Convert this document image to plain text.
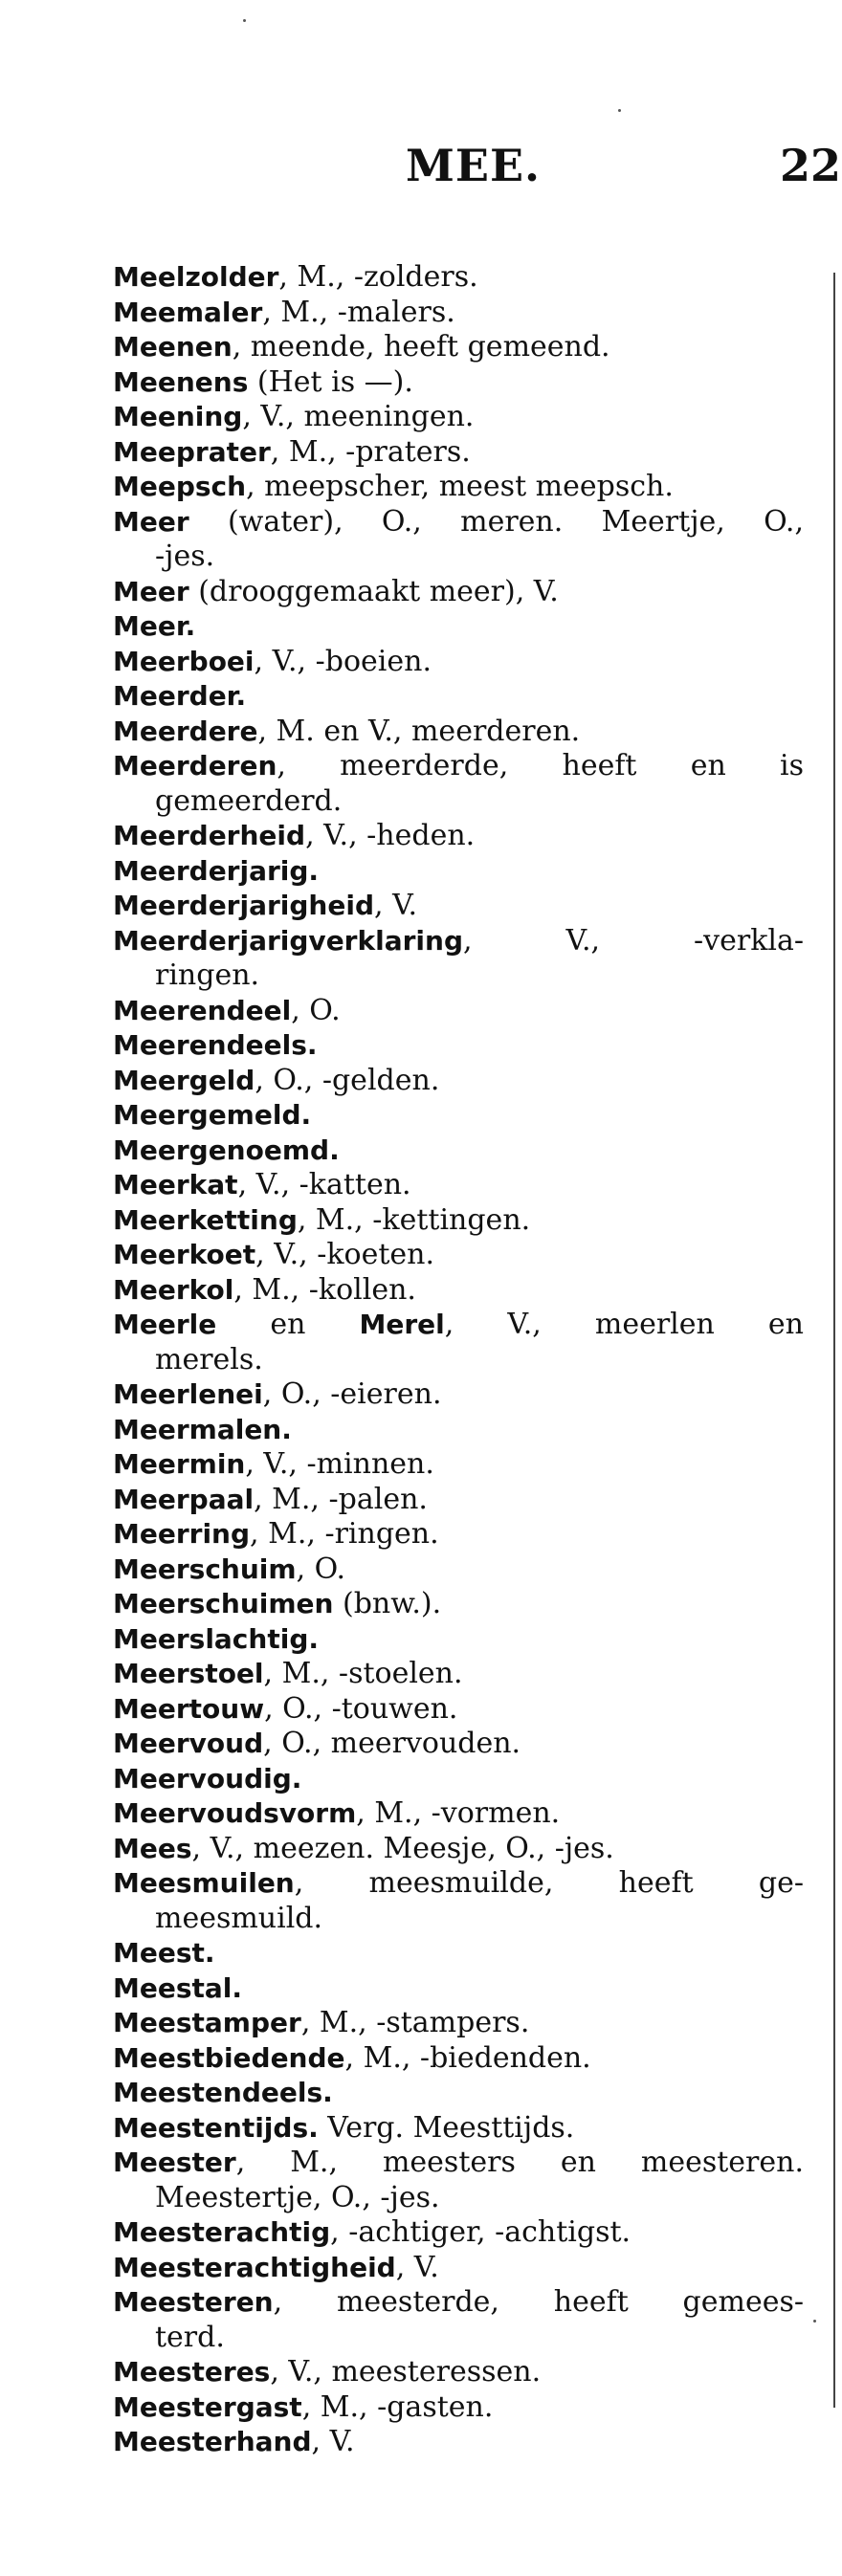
MEE.	22
Meelzolder, M., -zolders.
Meemaler, M., -malers.
Meenen, meende, heeft gemeend.
Meenens (Het is —).
Meening, V., meeningen.
Meeprater, M., -praters.
Meepsch, meepscher, meest meepsch.
Meer (water), O., meren. Meertje, O.,
-jes.
Meer (drooggemaakt meer), V.
Meer.
Meerboei, V., -boeien.
Meerder.
Meerdere, M. en V., meerderen.
Meerderen, meerderde, heeft en is
gemeerderd.
Meerderheid, V., -heden.
Meerderjarig.
Meerderjarigheid, V.
Meerderjarigverklaring, V., -verkla-
ringen.
Meerendeel, O.
Meerendeels.
Meergeld, O., -gelden.
Meergemeld.
Meergenoemd.
Meerkat, V., -katten.
Meerketting, M., -kettingen.
Meerkoet, V., -koeten.
Meerkol, M., -kollen.
Meerle en Merel, V., meerlen en
merels.
Meerlenei, O., -eieren.
Meermalen.
Meermin, V., -minnen.
Meerpaal, M., -palen.
Meerring, M., -ringen.
Meerschuim, O.
Meerschuimen (bnw.).
Meerslachtig.
Meerstoel, M., -stoelen.
Meertouw, O., -touwen.
Meervoud, O., meervouden.
Meervoudig.
Meervoudsvorm, M., -vormen.
Mees, V., meezen. Meesje, O., -jes.
Meesmuilen, meesmuilde, heeft ge-
meesmuild.
Meest.
Meestal.
Meestamper, M., -stampers.
Meestbiedende, M., -biedenden.
Meestendeels.
Meestentijds. Verg. Meesttijds.
Meester, M., meesters en meesteren.
Meestertje, O., -jes.
Meesterachtig, -achtiger, -achtigst.
Meesterachtigheid, V.
Meesteren, meesterde, heeft gemees-
terd.
Meesteres, V., meesteressen.
Meestergast, M., -gasten.
Meesterhand, V.
